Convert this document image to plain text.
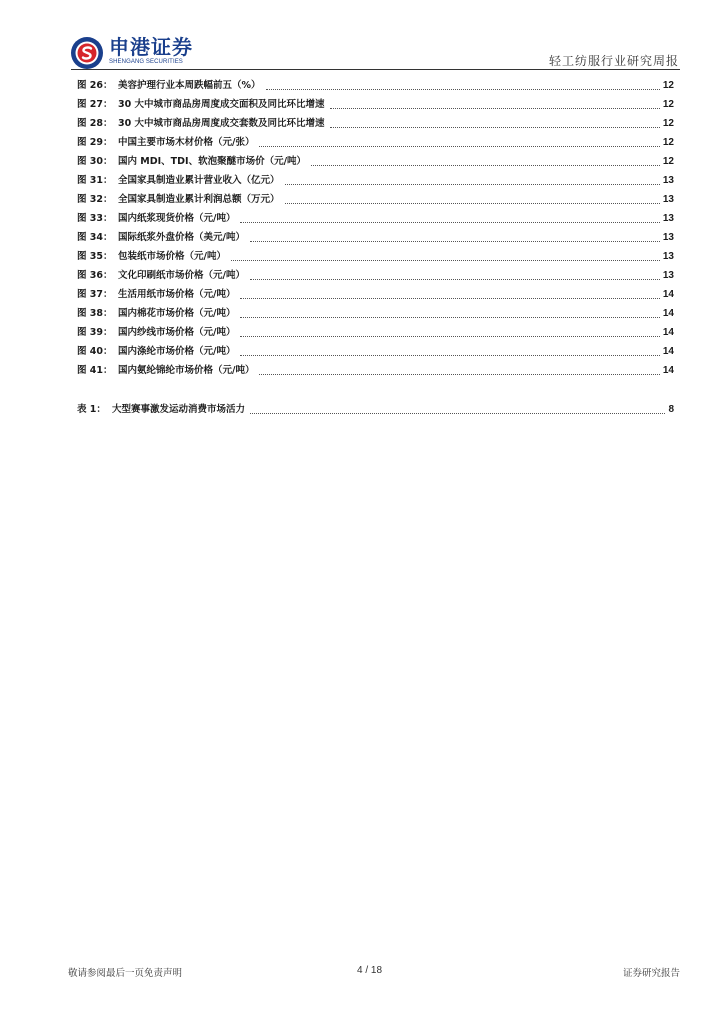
申港证券
SHENGANG SECURITIES	轻工纺服行业研究周报
图 26： 美容护理行业本周跌幅前五（%）	12
图 27： 30 大中城市商品房周度成交面积及同比环比增速	12
图 28： 30 大中城市商品房周度成交套数及同比环比增速	12
图 29： 中国主要市场木材价格（元/张）	12
图 30： 国内 MDI、TDI、软泡聚醚市场价（元/吨）	12
图 31： 全国家具制造业累计营业收入（亿元）	13
图 32： 全国家具制造业累计利润总额（万元）	13
图 33： 国内纸浆现货价格（元/吨）	13
图 34： 国际纸浆外盘价格（美元/吨）	13
图 35： 包装纸市场价格（元/吨）	13
图 36： 文化印刷纸市场价格（元/吨）	13
图 37： 生活用纸市场价格（元/吨）	14
图 38： 国内棉花市场价格（元/吨）	14
图 39： 国内纱线市场价格（元/吨）	14
图 40： 国内涤纶市场价格（元/吨）	14
图 41： 国内氨纶锦纶市场价格（元/吨）	14
表 1： 大型赛事激发运动消费市场活力	8
敬请参阅最后一页免责声明	4 / 18	证券研究报告
